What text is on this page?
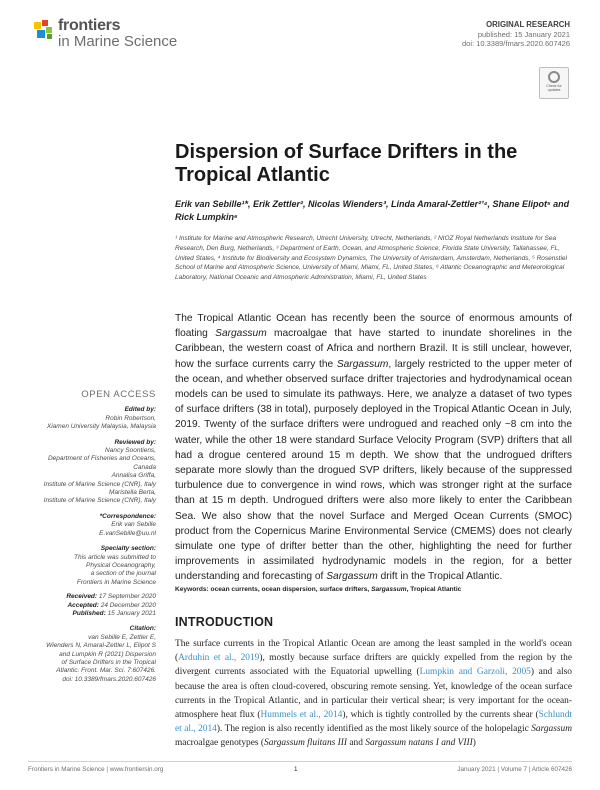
frontiers
in Marine Science
ORIGINAL RESEARCH
published: 15 January 2021
doi: 10.3389/fmars.2020.607426
Check for
updates
Dispersion of Surface Drifters in the Tropical Atlantic
Erik van Sebille¹*, Erik Zettler², Nicolas Wienders³, Linda Amaral-Zettler²ʼ⁴, Shane Elipot⁵ and Rick Lumpkin⁶
¹ Institute for Marine and Atmospheric Research, Utrecht University, Utrecht, Netherlands, ² NIOZ Royal Netherlands Institute for Sea Research, Den Burg, Netherlands, ³ Department of Earth, Ocean, and Atmospheric Science, Florida State University, Tallahassee, FL, United States, ⁴ Institute for Biodiversity and Ecosystem Dynamics, The University of Amsterdam, Amsterdam, Netherlands, ⁵ Rosenstiel School of Marine and Atmospheric Science, University of Miami, Miami, FL, United States, ⁶ Atlantic Oceanographic and Meteorological Laboratory, National Oceanic and Atmospheric Administration, Miami, FL, United States
The Tropical Atlantic Ocean has recently been the source of enormous amounts of floating Sargassum macroalgae that have started to inundate shorelines in the Caribbean, the western coast of Africa and northern Brazil. It is still unclear, however, how the surface currents carry the Sargassum, largely restricted to the upper meter of the ocean, and whether observed surface drifter trajectories and hydrodynamical ocean models can be used to simulate its pathways. Here, we analyze a dataset of two types of surface drifters (38 in total), purposely deployed in the Tropical Atlantic Ocean in July, 2019. Twenty of the surface drifters were undrogued and reached only ~8 cm into the water, while the other 18 were standard Surface Velocity Program (SVP) drifters that all had a drogue centered around 15 m depth. We show that the undrogued drifters separate more slowly than the drogued SVP drifters, likely because of the suppressed turbulence due to convergence in wind rows, which was stronger right at the surface than at 15 m depth. Undrogued drifters were also more likely to enter the Caribbean Sea. We also show that the novel Surface and Merged Ocean Currents (SMOC) product from the Copernicus Marine Environmental Service (CMEMS) does not clearly simulate one type of drifter better than the other, highlighting the need for further improvements in assimilated hydrodynamic models in the region, for a better understanding and forecasting of Sargassum drift in the Tropical Atlantic.
Keywords: ocean currents, ocean dispersion, surface drifters, Sargassum, Tropical Atlantic
OPEN ACCESS
Edited by:
Robin Robertson,
Xiamen University Malaysia, Malaysia
Reviewed by:
Nancy Soontiens,
Department of Fisheries and Oceans,
Canada
Annalisa Griffa,
Institute of Marine Science (CNR), Italy
Maristella Berta,
Institute of Marine Science (CNR), Italy
*Correspondence:
Erik van Sebille
E.vanSebille@uu.nl
Specialty section:
This article was submitted to
Physical Oceanography,
a section of the journal
Frontiers in Marine Science
Received: 17 September 2020
Accepted: 24 December 2020
Published: 15 January 2021
Citation:
van Sebille E, Zettler E,
Wienders N, Amaral-Zettler L, Elipot S
and Lumpkin R (2021) Dispersion
of Surface Drifters in the Tropical
Atlantic. Front. Mar. Sci. 7:607426.
doi: 10.3389/fmars.2020.607426
INTRODUCTION
The surface currents in the Tropical Atlantic Ocean are among the least sampled in the world's ocean (Arduhin et al., 2019), mostly because surface drifters are quickly expelled from the region by the divergent currents associated with the Equatorial upwelling (Lumpkin and Garzoli, 2005) and also because the area is often cloud-covered, obscuring remote sensing. Yet, knowledge of the ocean surface currents in the Tropical Atlantic, and in particular their vertical shear; is very important for the ocean-atmosphere heat flux (Hummels et al., 2014), which is tightly controlled by the currents shear (Schlundt et al., 2014). The region is also recently identified as the most likely source of the holopelagic Sargassum macroalgae genotypes (Sargassum fluitans III and Sargassum natans I and VIII)
Frontiers in Marine Science | www.frontiersin.org	1	January 2021 | Volume 7 | Article 607426
